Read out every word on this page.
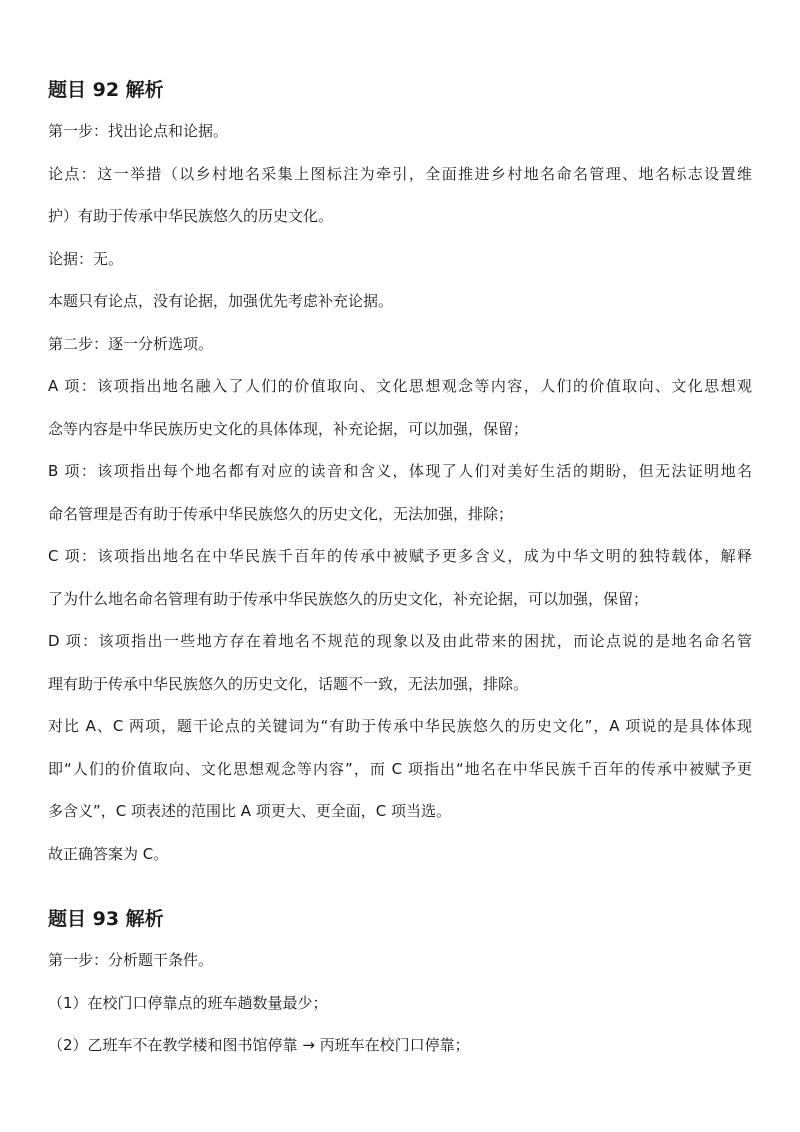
题目 92 解析

第一步：找出论点和论据。

论点：这一举措（以乡村地名采集上图标注为牵引，全面推进乡村地名命名管理、地名标志设置维

护）有助于传承中华民族悠久的历史文化。

论据：无。

本题只有论点，没有论据，加强优先考虑补充论据。

第二步：逐一分析选项。

A 项：该项指出地名融入了人们的价值取向、文化思想观念等内容，人们的价值取向、文化思想观

念等内容是中华民族历史文化的具体体现，补充论据，可以加强，保留；

B 项：该项指出每个地名都有对应的读音和含义，体现了人们对美好生活的期盼，但无法证明地名

命名管理是否有助于传承中华民族悠久的历史文化，无法加强，排除；

C 项：该项指出地名在中华民族千百年的传承中被赋予更多含义，成为中华文明的独特载体，解释

了为什么地名命名管理有助于传承中华民族悠久的历史文化，补充论据，可以加强，保留；

D 项：该项指出一些地方存在着地名不规范的现象以及由此带来的困扰，而论点说的是地名命名管

理有助于传承中华民族悠久的历史文化，话题不一致，无法加强，排除。

对比 A、C 两项，题干论点的关键词为“有助于传承中华民族悠久的历史文化”，A 项说的是具体体现

即“人们的价值取向、文化思想观念等内容”，而 C 项指出“地名在中华民族千百年的传承中被赋予更

多含义”，C 项表述的范围比 A 项更大、更全面，C 项当选。

故正确答案为 C。

题目 93 解析

第一步：分析题干条件。

（1）在校门口停靠点的班车趟数量最少；

（2）乙班车不在教学楼和图书馆停靠 → 丙班车在校门口停靠；
